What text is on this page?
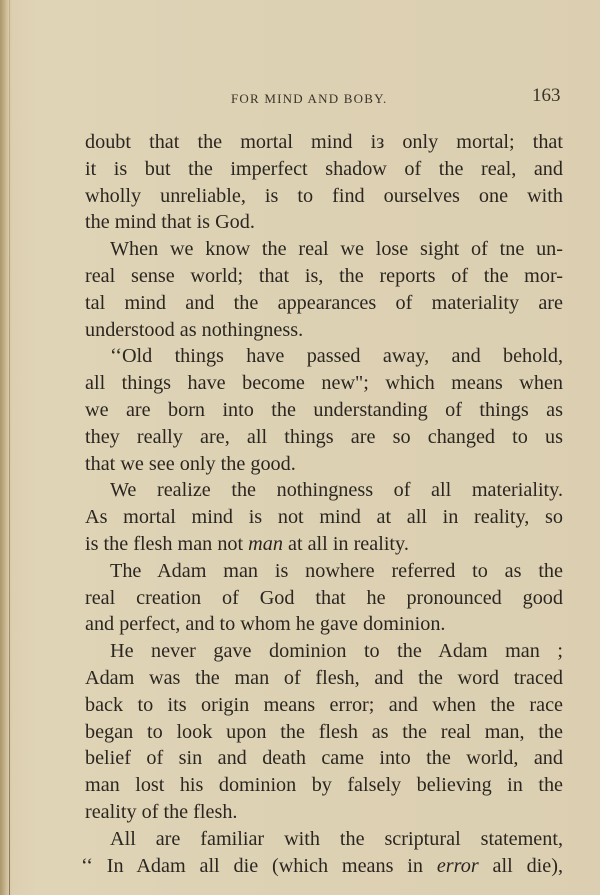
FOR MIND AND BOBY.	163
doubt that the mortal mind iз only mortal; that
it is but the imperfect shadow of the real, and
wholly unreliable, is to find ourselves one with
the mind that is God.
When we know the real we lose sight of tne un-
real sense world; that is, the reports of the mor-
tal mind and the appearances of materiality are
understood as nothingness.
‘‘Old things have passed away, and behold,
all things have become new"; which means when
we are born into the understanding of things as
they really are, all things are so changed to us
that we see only the good.
We realize the nothingness of all materiality.
As mortal mind is not mind at all in reality, so
is the flesh man not man at all in reality.
The Adam man is nowhere referred to as the
real creation of God that he pronounced good
and perfect, and to whom he gave dominion.
He never gave dominion to the Adam man ;
Adam was the man of flesh, and the word traced
back to its origin means error; and when the race
began to look upon the flesh as the real man, the
belief of sin and death came into the world, and
man lost his dominion by falsely believing in the
reality of the flesh.
All are familiar with the scriptural statement,
‘‘ In Adam all die (which means in error all die),
